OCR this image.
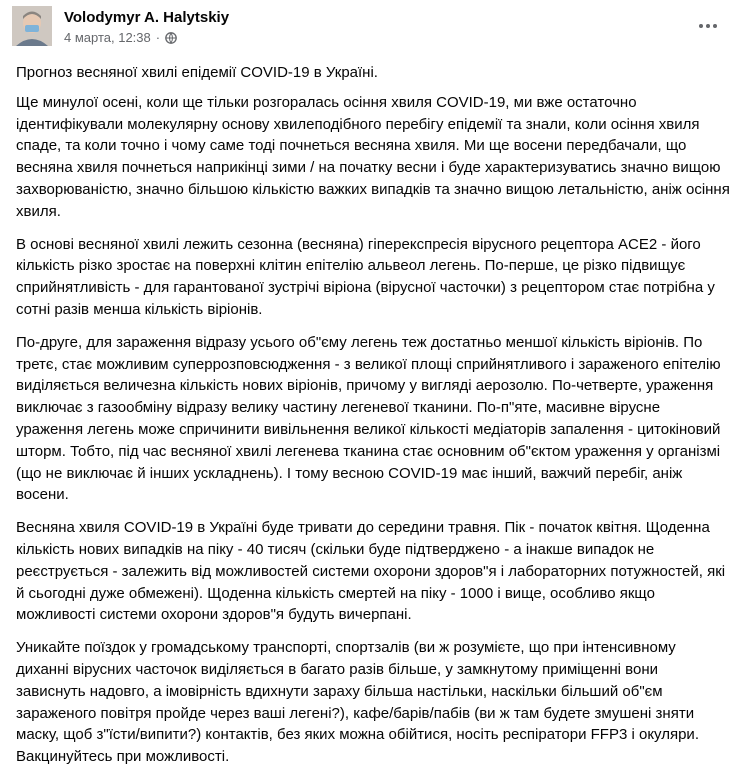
Volodymyr A. Halytskiy
4 марта, 12:38 ·

Прогноз весняної хвилі епідемії COVID-19 в Україні.

Ще минулої осені, коли ще тільки розгоралась осіння хвиля COVID-19, ми вже остаточно ідентифікували молекулярну основу хвилеподібного перебігу епідемії та знали, коли осіння хвиля спаде, та коли точно і чому саме тоді почнеться весняна хвиля. Ми ще восени передбачали, що весняна хвиля почнеться наприкінці зими / на початку весни і буде характеризуватись значно вищою захворюваністю, значно більшою кількістю важких випадків та значно вищою летальністю, аніж осіння хвиля.

В основі весняної хвилі лежить сезонна (весняна) гіперекспресія вірусного рецептора ACE2 - його кількість різко зростає на поверхні клітин епітелію альвеол легень. По-перше, це різко підвищує сприйнятливість - для гарантованої зустрічі віріона (вірусної часточки) з рецептором стає потрібна у сотні разів менша кількість віріонів.

По-друге, для зараження відразу усього об"єму легень теж достатньо меншої кількість віріонів. По третє, стає можливим суперрозповсюдження - з великої площі сприйнятливого і зараженого епітелію виділяється величезна кількість нових віріонів, причому у вигляді аерозолю. По-четверте, ураження виключає з газообміну відразу велику частину легеневої тканини. По-п"яте, масивне вірусне ураження легень може спричинити вивільнення великої кількості медіаторів запалення - цитокіновий шторм. Тобто, під час весняної хвилі легенева тканина стає основним об"єктом ураження у організмі (що не виключає й інших ускладнень). І тому весною COVID-19 має інший, важчий перебіг, аніж восени.

Весняна хвиля COVID-19 в Україні буде тривати до середини травня. Пік - початок квітня. Щоденна кількість нових випадків на піку - 40 тисяч (скільки буде підтверджено - а інакше випадок не реєструється - залежить від можливостей системи охорони здоров"я і лабораторних потужностей, які й сьогодні дуже обмежені). Щоденна кількість смертей на піку - 1000 і вище, особливо якщо можливості системи охорони здоров"я будуть вичерпані.

Уникайте поїздок у громадському транспорті, спортзалів (ви ж розумієте, що при інтенсивному диханні вірусних часточок виділяється в багато разів більше, у замкнутому приміщенні вони зависнуть надовго, а імовірність вдихнути зараху більша настільки, наскільки більший об"єм зараженого повітря пройде через ваші легені?), кафе/барів/пабів (ви ж там будете змушені зняти маску, щоб з"їсти/випити?) контактів, без яких можна обійтися, носіть респіратори FFP3 і окуляри. Вакцинуйтесь при можливості.
